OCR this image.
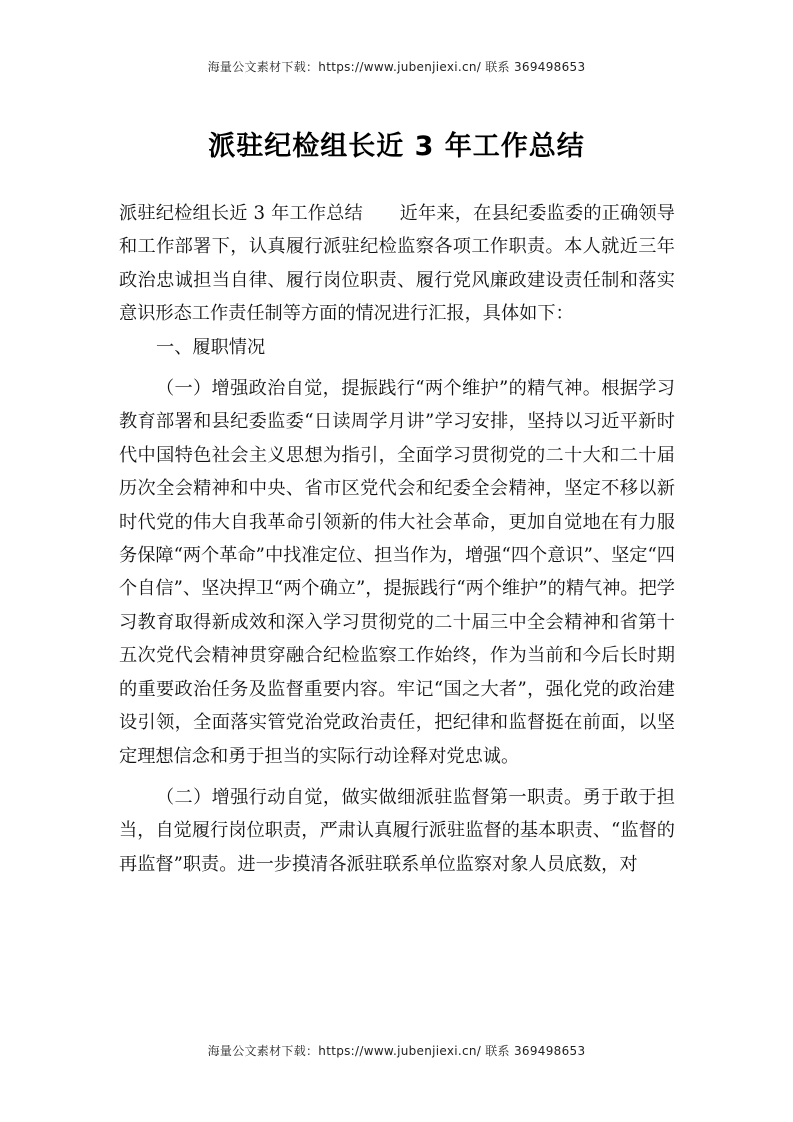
海量公文素材下载：https://www.jubenjiexi.cn/ 联系 369498653
派驻纪检组长近 3 年工作总结

派驻纪检组长近 3 年工作总结　　近年来，在县纪委监委的正确领导和工作部署下，认真履行派驻纪检监察各项工作职责。本人就近三年政治忠诚担当自律、履行岗位职责、履行党风廉政建设责任制和落实意识形态工作责任制等方面的情况进行汇报，具体如下：

一、履职情况

（一）增强政治自觉，提振践行“两个维护”的精气神。根据学习教育部署和县纪委监委“日读周学月讲”学习安排，坚持以习近平新时代中国特色社会主义思想为指引，全面学习贯彻党的二十大和二十届历次全会精神和中央、省市区党代会和纪委全会精神，坚定不移以新时代党的伟大自我革命引领新的伟大社会革命，更加自觉地在有力服务保障“两个革命”中找准定位、担当作为，增强“四个意识”、坚定“四个自信”、坚决捍卫“两个确立”，提振践行“两个维护”的精气神。把学习教育取得新成效和深入学习贯彻党的二十届三中全会精神和省第十五次党代会精神贯穿融合纪检监察工作始终，作为当前和今后长时期的重要政治任务及监督重要内容。牢记“国之大者”，强化党的政治建设引领，全面落实管党治党政治责任，把纪律和监督挺在前面，以坚定理想信念和勇于担当的实际行动诠释对党忠诚。

（二）增强行动自觉，做实做细派驻监督第一职责。勇于敢于担当，自觉履行岗位职责，严肃认真履行派驻监督的基本职责、“监督的再监督”职责。进一步摸清各派驻联系单位监察对象人员底数，对

海量公文素材下载：https://www.jubenjiexi.cn/ 联系 369498653
